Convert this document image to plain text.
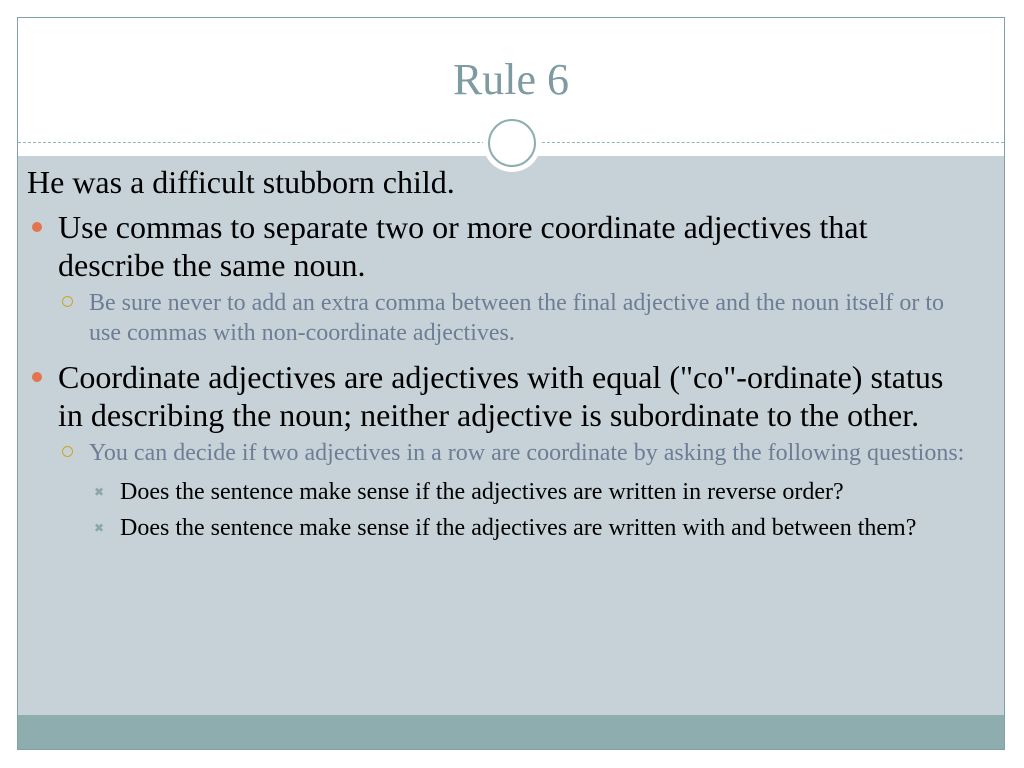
Rule 6

He was a difficult stubborn child.

Use commas to separate two or more coordinate adjectives that describe the same noun.
Be sure never to add an extra comma between the final adjective and the noun itself or to use commas with non-coordinate adjectives.
Coordinate adjectives are adjectives with equal ("co"-ordinate) status in describing the noun; neither adjective is subordinate to the other.
You can decide if two adjectives in a row are coordinate by asking the following questions:
✖ Does the sentence make sense if the adjectives are written in reverse order?
✖ Does the sentence make sense if the adjectives are written with and between them?
